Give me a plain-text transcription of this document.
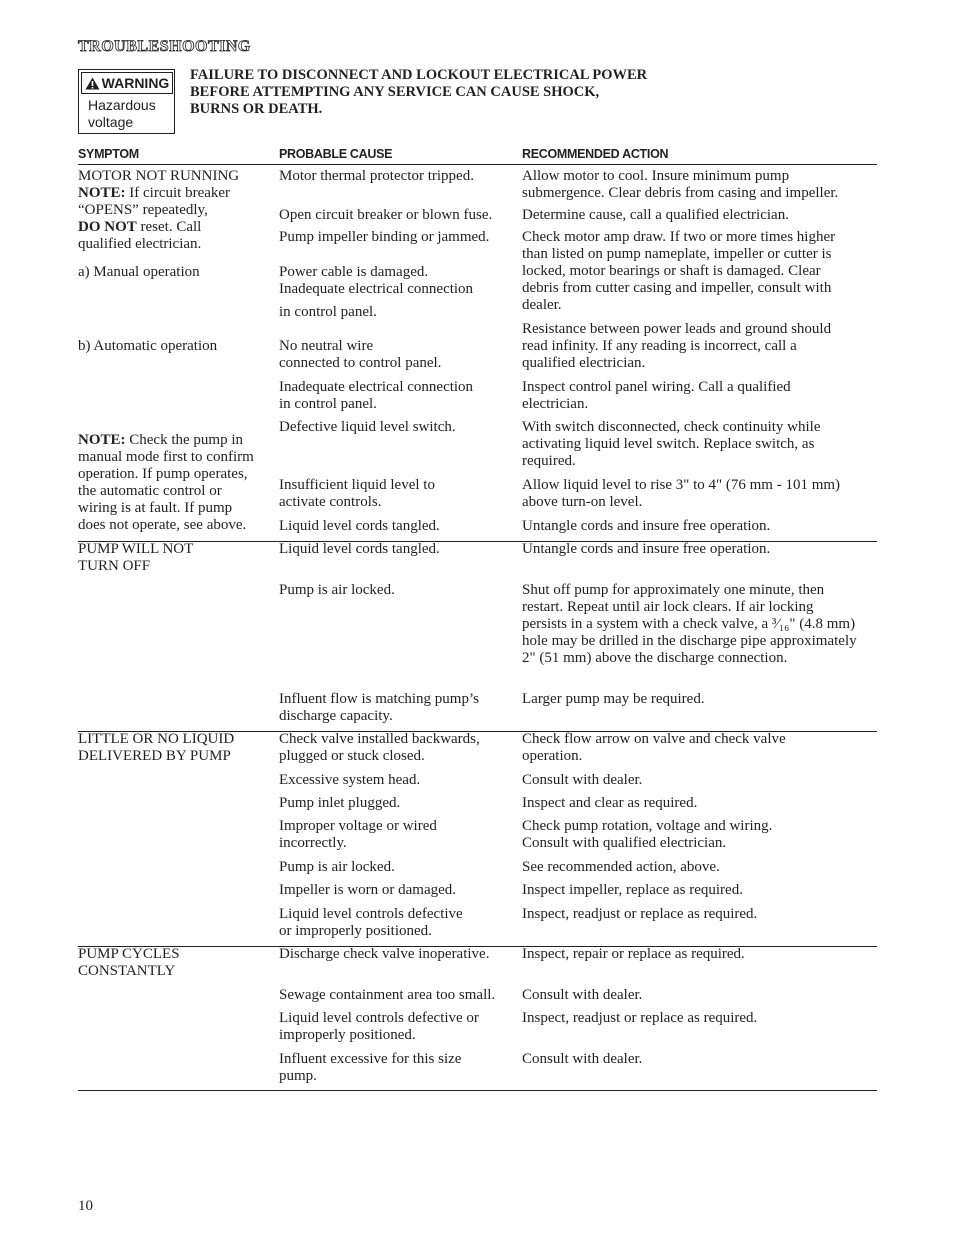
TROUBLESHOOTING
WARNING
Hazardous voltage
FAILURE TO DISCONNECT AND LOCKOUT ELECTRICAL POWER BEFORE ATTEMPTING ANY SERVICE CAN CAUSE SHOCK, BURNS OR DEATH.
SYMPTOM	PROBABLE CAUSE	RECOMMENDED ACTION
MOTOR NOT RUNNING
NOTE: If circuit breaker
“OPENS” repeatedly,
DO NOT reset. Call
qualified electrician.
a) Manual operation
b) Automatic operation
NOTE: Check the pump in
manual mode first to confirm
operation. If pump operates,
the automatic control or
wiring is at fault. If pump
does not operate, see above.
PUMP WILL NOT
TURN OFF
LITTLE OR NO LIQUID
DELIVERED BY PUMP
PUMP CYCLES
CONSTANTLY
Motor thermal protector tripped.
Open circuit breaker or blown fuse.
Pump impeller binding or jammed.
Power cable is damaged.
Inadequate electrical connection
in control panel.
No neutral wire
connected to control panel.
Inadequate electrical connection
in control panel.
Defective liquid level switch.
Insufficient liquid level to
activate controls.
Liquid level cords tangled.
Liquid level cords tangled.
Pump is air locked.
Influent flow is matching pump’s
discharge capacity.
Check valve installed backwards,
plugged or stuck closed.
Excessive system head.
Pump inlet plugged.
Improper voltage or wired
incorrectly.
Pump is air locked.
Impeller is worn or damaged.
Liquid level controls defective
or improperly positioned.
Discharge check valve inoperative.
Sewage containment area too small.
Liquid level controls defective or
improperly positioned.
Influent excessive for this size
pump.
Allow motor to cool. Insure minimum pump
submergence. Clear debris from casing and impeller.
Determine cause, call a qualified electrician.
Check motor amp draw. If two or more times higher
than listed on pump nameplate, impeller or cutter is
locked, motor bearings or shaft is damaged. Clear
debris from cutter casing and impeller, consult with
dealer.
Resistance between power leads and ground should
read infinity. If any reading is incorrect, call a
qualified electrician.
Inspect control panel wiring. Call a qualified
electrician.
With switch disconnected, check continuity while
activating liquid level switch. Replace switch, as
required.
Allow liquid level to rise 3" to 4" (76 mm - 101 mm)
above turn-on level.
Untangle cords and insure free operation.
Untangle cords and insure free operation.
Shut off pump for approximately one minute, then
restart. Repeat until air lock clears. If air locking
persists in a system with a check valve, a ³⁄₁₆" (4.8 mm)
hole may be drilled in the discharge pipe approximately
2" (51 mm) above the discharge connection.
Larger pump may be required.
Check flow arrow on valve and check valve
operation.
Consult with dealer.
Inspect and clear as required.
Check pump rotation, voltage and wiring.
Consult with qualified electrician.
See recommended action, above.
Inspect impeller, replace as required.
Inspect, readjust or replace as required.
Inspect, repair or replace as required.
Consult with dealer.
Inspect, readjust or replace as required.
Consult with dealer.
10
